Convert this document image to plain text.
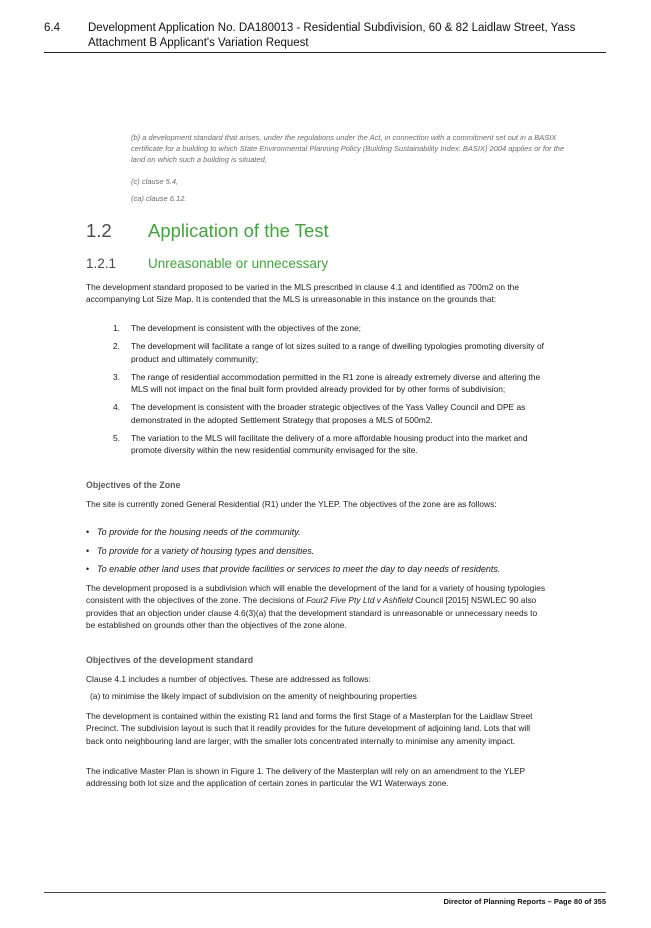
6.4 Development Application No. DA180013 - Residential Subdivision, 60 & 82 Laidlaw Street, Yass
Attachment B Applicant's Variation Request

(b) a development standard that arises, under the regulations under the Act, in connection with a commitment set out in a BASIX certificate for a building to which State Environmental Planning Policy (Building Sustainability Index: BASIX) 2004 applies or for the land on which such a building is situated,

(c) clause 5.4,

(ca) clause 6.12.

1.2 Application of the Test
1.2.1 Unreasonable or unnecessary

The development standard proposed to be varied in the MLS prescribed in clause 4.1 and identified as 700m2 on the accompanying Lot Size Map. It is contended that the MLS is unreasonable in this instance on the grounds that:

1. The development is consistent with the objectives of the zone;
2. The development will facilitate a range of lot sizes suited to a range of dwelling typologies promoting diversity of product and ultimately community;
3. The range of residential accommodation permitted in the R1 zone is already extremely diverse and altering the MLS will not impact on the final built form provided already provided for by other forms of subdivision;
4. The development is consistent with the broader strategic objectives of the Yass Valley Council and DPE as demonstrated in the adopted Settlement Strategy that proposes a MLS of 500m2.
5. The variation to the MLS will facilitate the delivery of a more affordable housing product into the market and promote diversity within the new residential community envisaged for the site.
Objectives of the Zone

The site is currently zoned General Residential (R1) under the YLEP. The objectives of the zone are as follows:

• To provide for the housing needs of the community.
• To provide for a variety of housing types and densities.
• To enable other land uses that provide facilities or services to meet the day to day needs of residents.

The development proposed is a subdivision which will enable the development of the land for a variety of housing typologies consistent with the objectives of the zone. The decisions of Four2 Five Pty Ltd v Ashfield Council [2015] NSWLEC 90 also provides that an objection under clause 4.6(3)(a) that the development standard is unreasonable or unnecessary needs to be established on grounds other than the objectives of the zone alone.

Objectives of the development standard

Clause 4.1 includes a number of objectives. These are addressed as follows:

(a) to minimise the likely impact of subdivision on the amenity of neighbouring properties

The development is contained within the existing R1 land and forms the first Stage of a Masterplan for the Laidlaw Street Precinct. The subdivision layout is such that it readily provides for the future development of adjoining land. Lots that will back onto neighbouring land are larger, with the smaller lots concentrated internally to minimise any amenity impact.

The indicative Master Plan is shown in Figure 1. The delivery of the Masterplan will rely on an amendment to the YLEP addressing both lot size and the application of certain zones in particular the W1 Waterways zone.

Director of Planning Reports – Page 80 of 355
